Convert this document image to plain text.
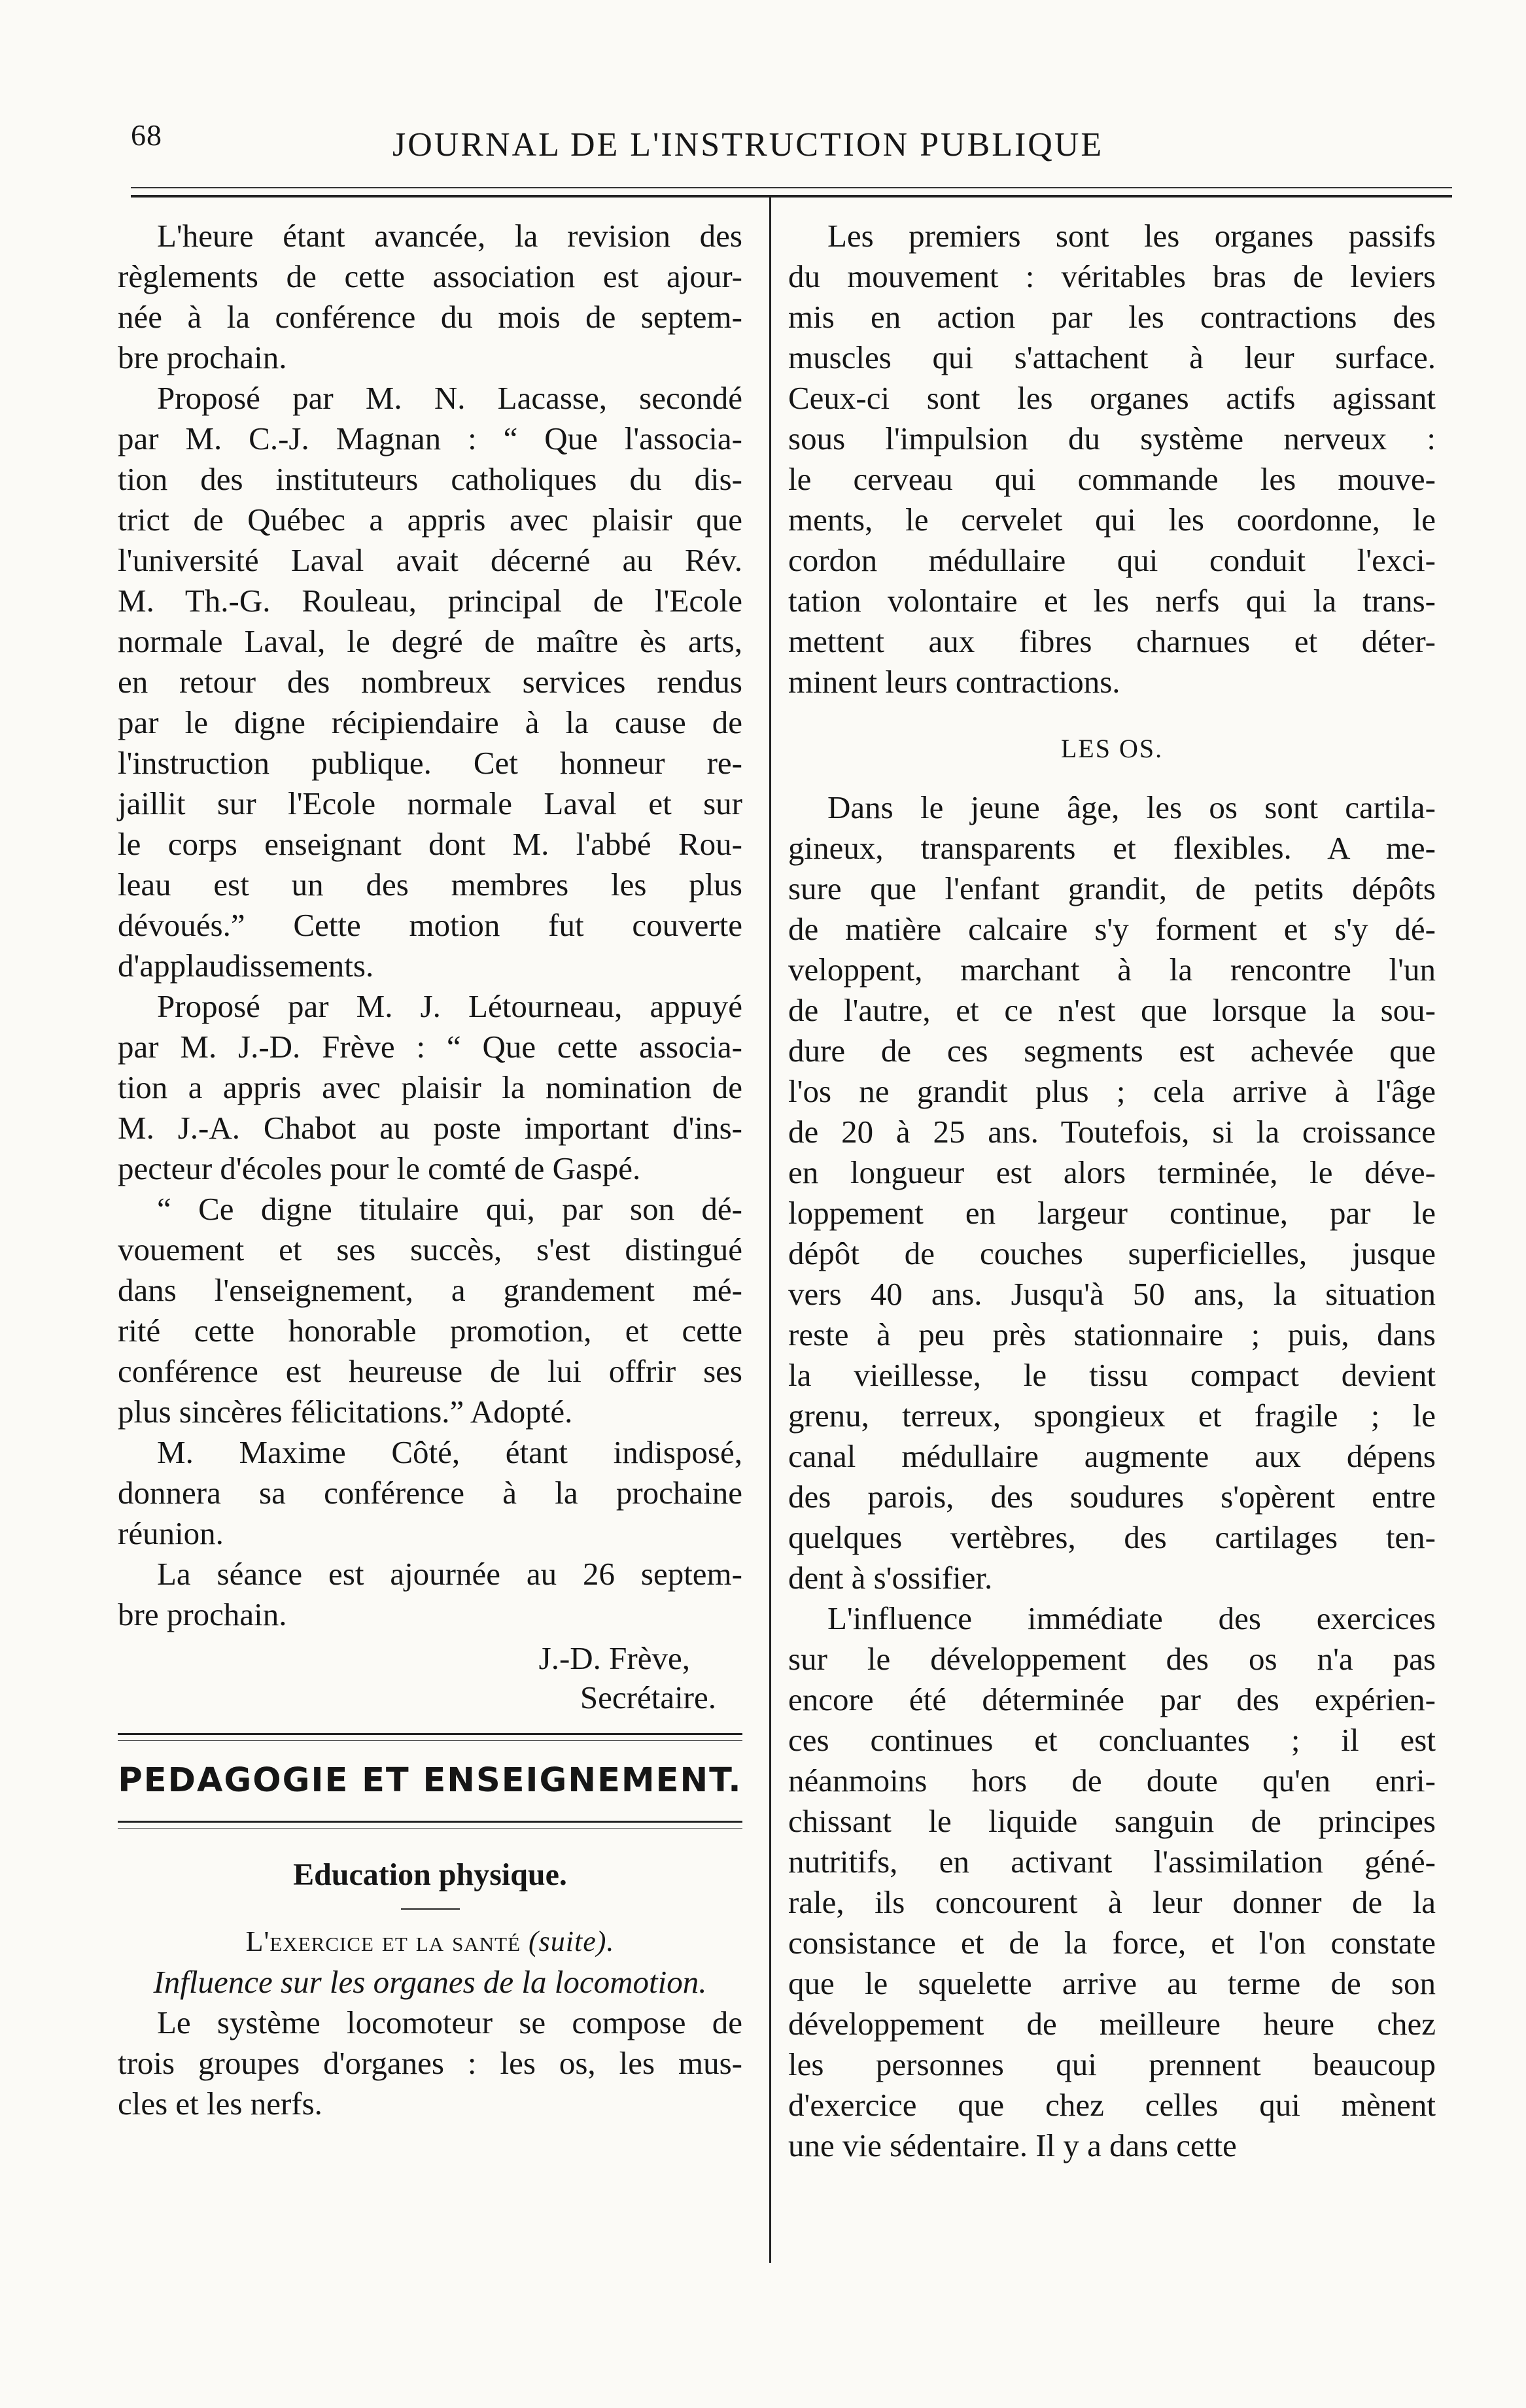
68	JOURNAL DE L'INSTRUCTION PUBLIQUE

L'heure étant avancée, la revision des
règlements de cette association est ajour-
née à la conférence du mois de septem-
bre prochain.

Proposé par M. N. Lacasse, secondé
par M. C.-J. Magnan : “ Que l'associa-
tion des instituteurs catholiques du dis-
trict de Québec a appris avec plaisir que
l'université Laval avait décerné au Rév.
M. Th.-G. Rouleau, principal de l'Ecole
normale Laval, le degré de maître ès arts,
en retour des nombreux services rendus
par le digne récipiendaire à la cause de
l'instruction publique. Cet honneur re-
jaillit sur l'Ecole normale Laval et sur
le corps enseignant dont M. l'abbé Rou-
leau est un des membres les plus
dévoués.” Cette motion fut couverte
d'applaudissements.

Proposé par M. J. Létourneau, appuyé
par M. J.-D. Frève : “ Que cette associa-
tion a appris avec plaisir la nomination de
M. J.-A. Chabot au poste important d'ins-
pecteur d'écoles pour le comté de Gaspé.

“ Ce digne titulaire qui, par son dé-
vouement et ses succès, s'est distingué
dans l'enseignement, a grandement mé-
rité cette honorable promotion, et cette
conférence est heureuse de lui offrir ses
plus sincères félicitations.” Adopté.

M. Maxime Côté, étant indisposé,
donnera sa conférence à la prochaine
réunion.

La séance est ajournée au 26 septem-
bre prochain.

J.-D. Frève,
Secrétaire.
PEDAGOGIE ET ENSEIGNEMENT.
Education physique.
L'exercice et la santé (suite).
Influence sur les organes de la locomotion.

Le système locomoteur se compose de
trois groupes d'organes : les os, les mus-
cles et les nerfs.

Les premiers sont les organes passifs
du mouvement : véritables bras de leviers
mis en action par les contractions des
muscles qui s'attachent à leur surface.
Ceux-ci sont les organes actifs agissant
sous l'impulsion du système nerveux :
le cerveau qui commande les mouve-
ments, le cervelet qui les coordonne, le
cordon médullaire qui conduit l'exci-
tation volontaire et les nerfs qui la trans-
mettent aux fibres charnues et déter-
minent leurs contractions.

LES OS.

Dans le jeune âge, les os sont cartila-
gineux, transparents et flexibles. A me-
sure que l'enfant grandit, de petits dépôts
de matière calcaire s'y forment et s'y dé-
veloppent, marchant à la rencontre l'un
de l'autre, et ce n'est que lorsque la sou-
dure de ces segments est achevée que
l'os ne grandit plus ; cela arrive à l'âge
de 20 à 25 ans. Toutefois, si la croissance
en longueur est alors terminée, le déve-
loppement en largeur continue, par le
dépôt de couches superficielles, jusque
vers 40 ans. Jusqu'à 50 ans, la situation
reste à peu près stationnaire ; puis, dans
la vieillesse, le tissu compact devient
grenu, terreux, spongieux et fragile ; le
canal médullaire augmente aux dépens
des parois, des soudures s'opèrent entre
quelques vertèbres, des cartilages ten-
dent à s'ossifier.

L'influence immédiate des exercices
sur le développement des os n'a pas
encore été déterminée par des expérien-
ces continues et concluantes ; il est
néanmoins hors de doute qu'en enri-
chissant le liquide sanguin de principes
nutritifs, en activant l'assimilation géné-
rale, ils concourent à leur donner de la
consistance et de la force, et l'on constate
que le squelette arrive au terme de son
développement de meilleure heure chez
les personnes qui prennent beaucoup
d'exercice que chez celles qui mènent
une vie sédentaire. Il y a dans cette
